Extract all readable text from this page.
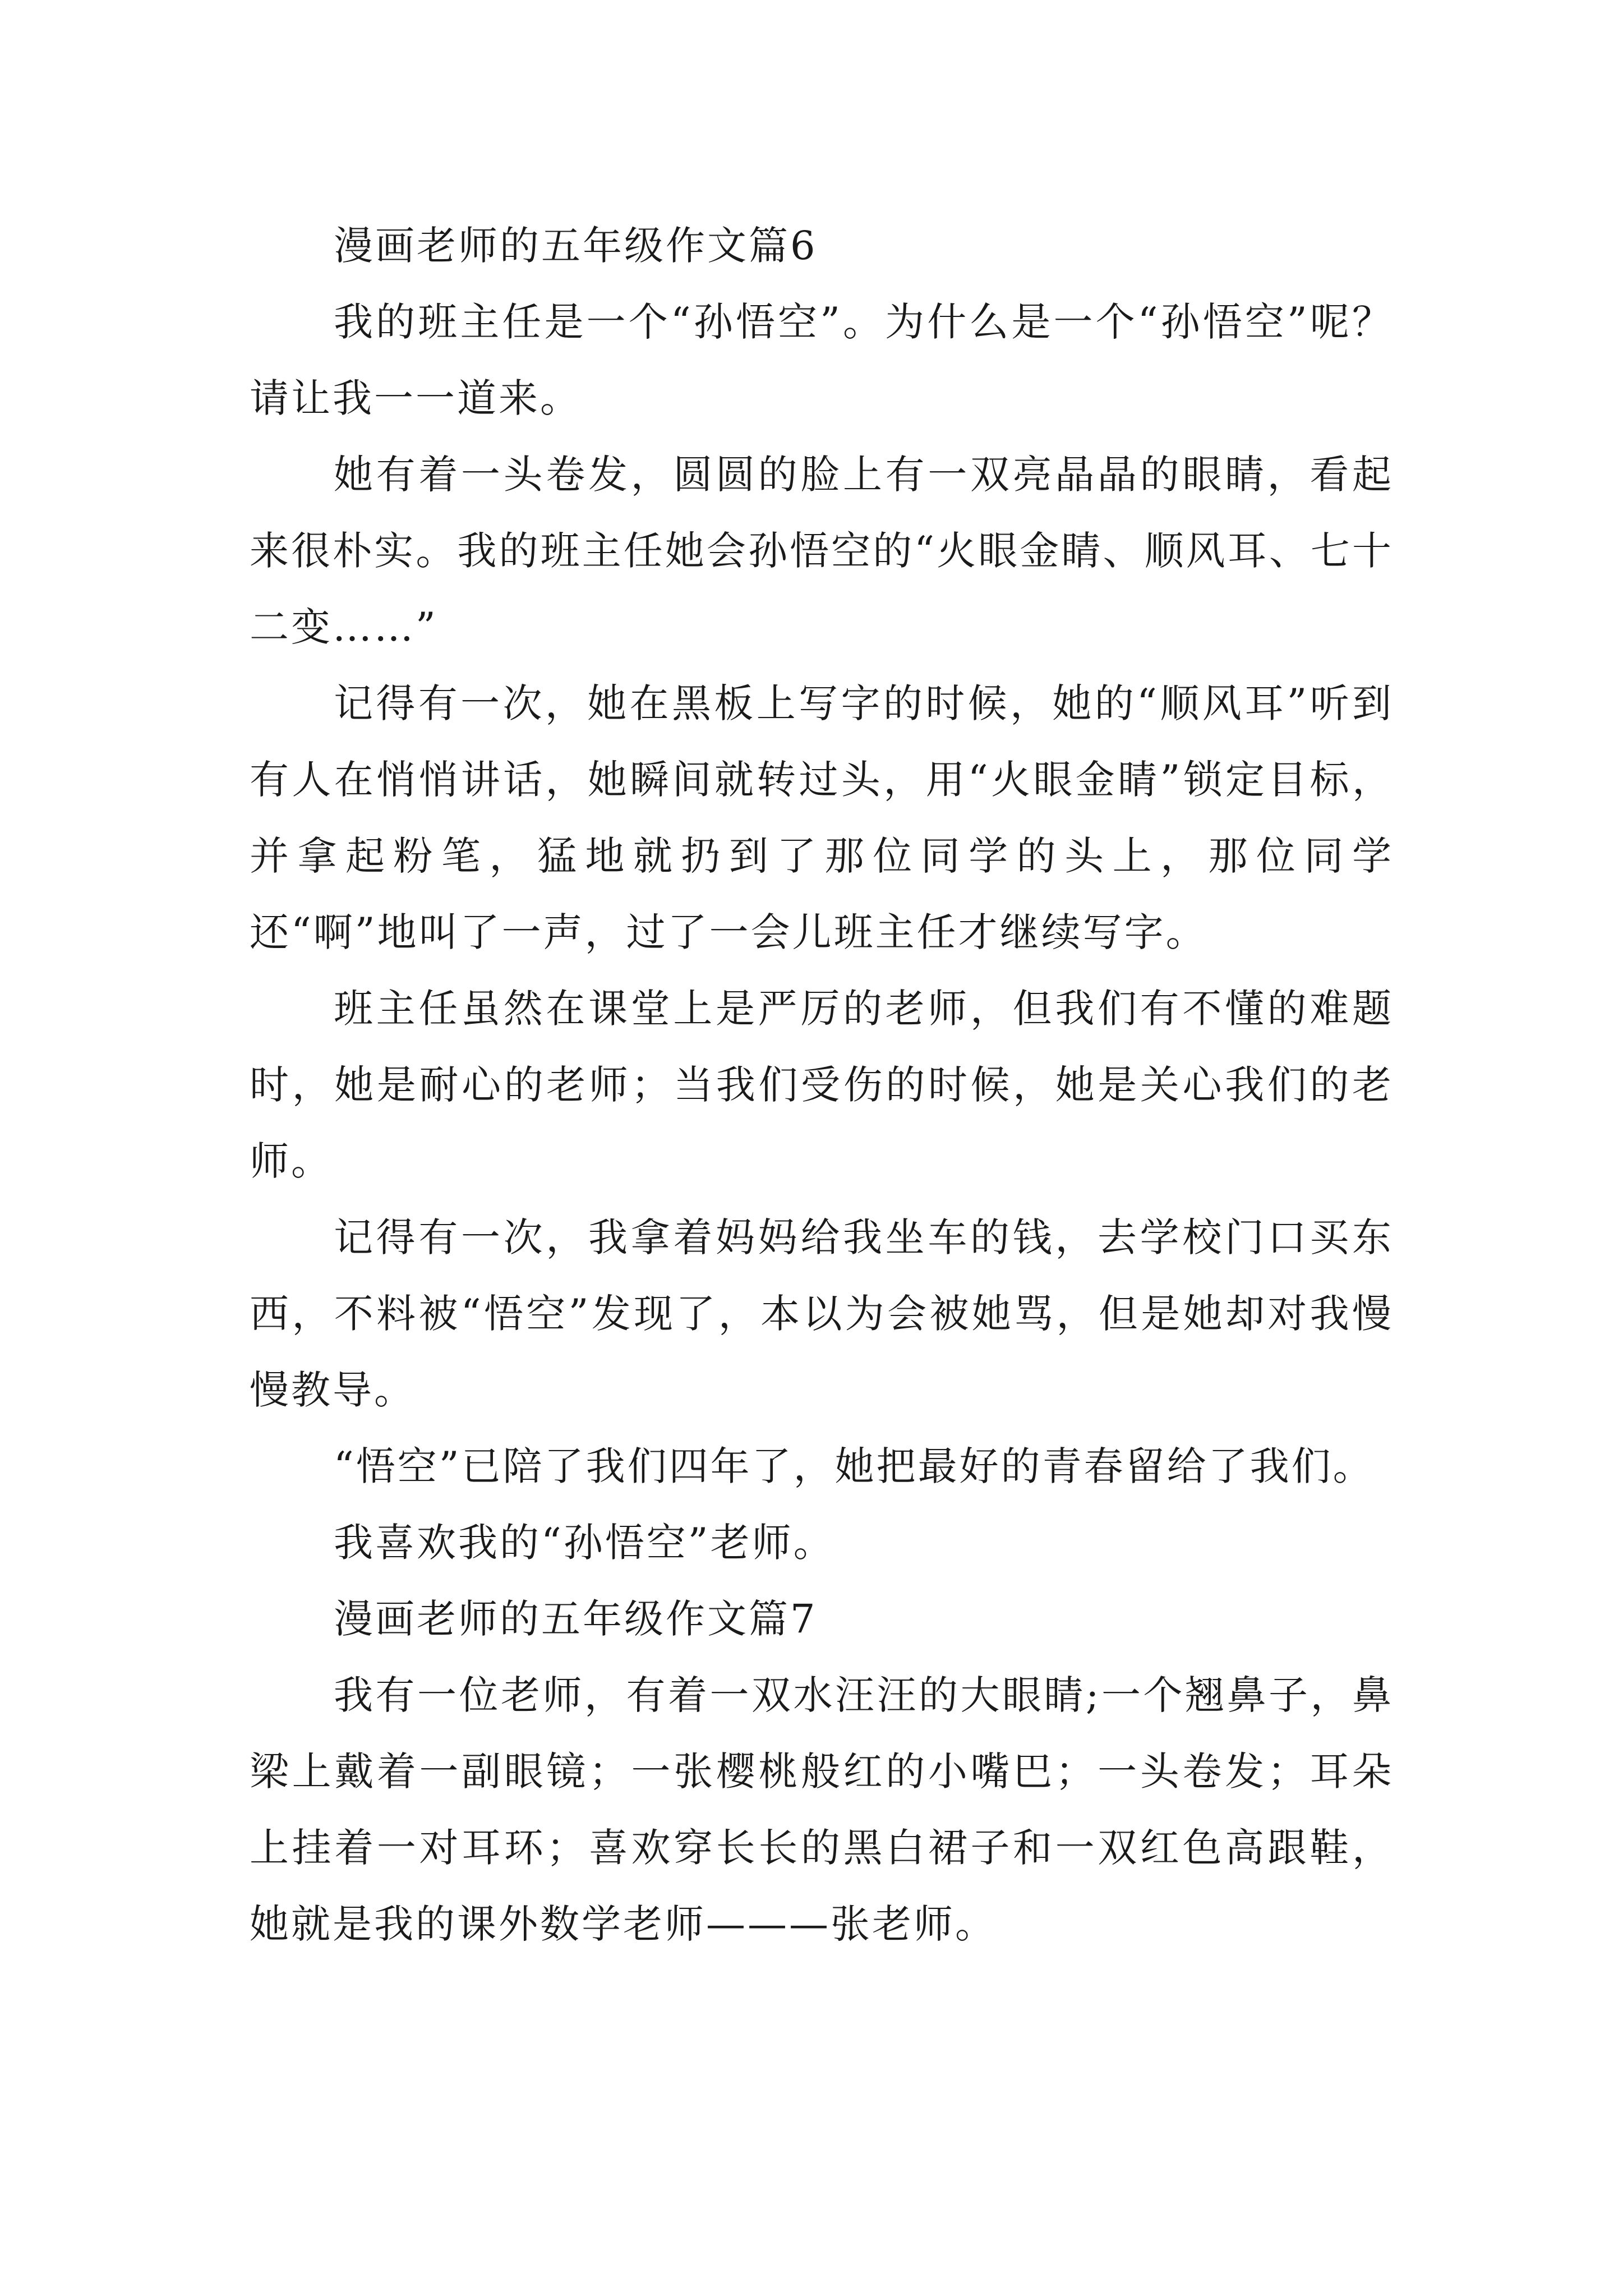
漫画老师的五年级作文篇6

我的班主任是一个“孙悟空”。为什么是一个“孙悟空”呢？请让我一一道来。

她有着一头卷发，圆圆的脸上有一双亮晶晶的眼睛，看起来很朴实。我的班主任她会孙悟空的“火眼金睛、顺风耳、七十二变……”

记得有一次，她在黑板上写字的时候，她的“顺风耳”听到有人在悄悄讲话，她瞬间就转过头，用“火眼金睛”锁定目标，并拿起粉笔，猛地就扔到了那位同学的头上，那位同学还“啊”地叫了一声，过了一会儿班主任才继续写字。

班主任虽然在课堂上是严厉的老师，但我们有不懂的难题时，她是耐心的老师；当我们受伤的时候，她是关心我们的老师。

记得有一次，我拿着妈妈给我坐车的钱，去学校门口买东西，不料被“悟空”发现了，本以为会被她骂，但是她却对我慢慢教导。

“悟空”已陪了我们四年了，她把最好的青春留给了我们。

我喜欢我的“孙悟空”老师。

漫画老师的五年级作文篇7

我有一位老师，有着一双水汪汪的大眼睛;一个翘鼻子，鼻梁上戴着一副眼镜；一张樱桃般红的小嘴巴；一头卷发；耳朵上挂着一对耳环；喜欢穿长长的黑白裙子和一双红色高跟鞋，她就是我的课外数学老师———张老师。
